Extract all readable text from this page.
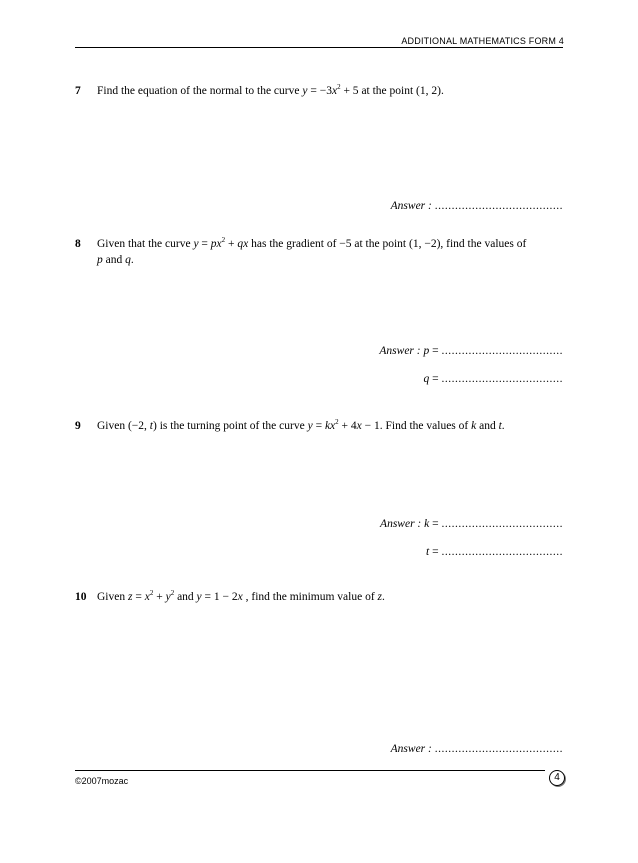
ADDITIONAL MATHEMATICS FORM 4
7 Find the equation of the normal to the curve $y = -3x^2 + 5$ at the point (1, 2).
Answer : ......................................
8 Given that the curve $y = px^2$ + qx has the gradient of −5 at the point (1, −2), find the values of
p and q.
Answer : p = ....................................
q = ....................................
9 Given (−2, t) is the turning point of the curve $y = kx^2 + 4x - 1$. Find the values of k and t.
Answer : k = ....................................
t = ....................................
10 Given $z = x^2 + y^2$ and y = 1 − 2x , find the minimum value of z.
Answer : ......................................
©2007mozac	4
